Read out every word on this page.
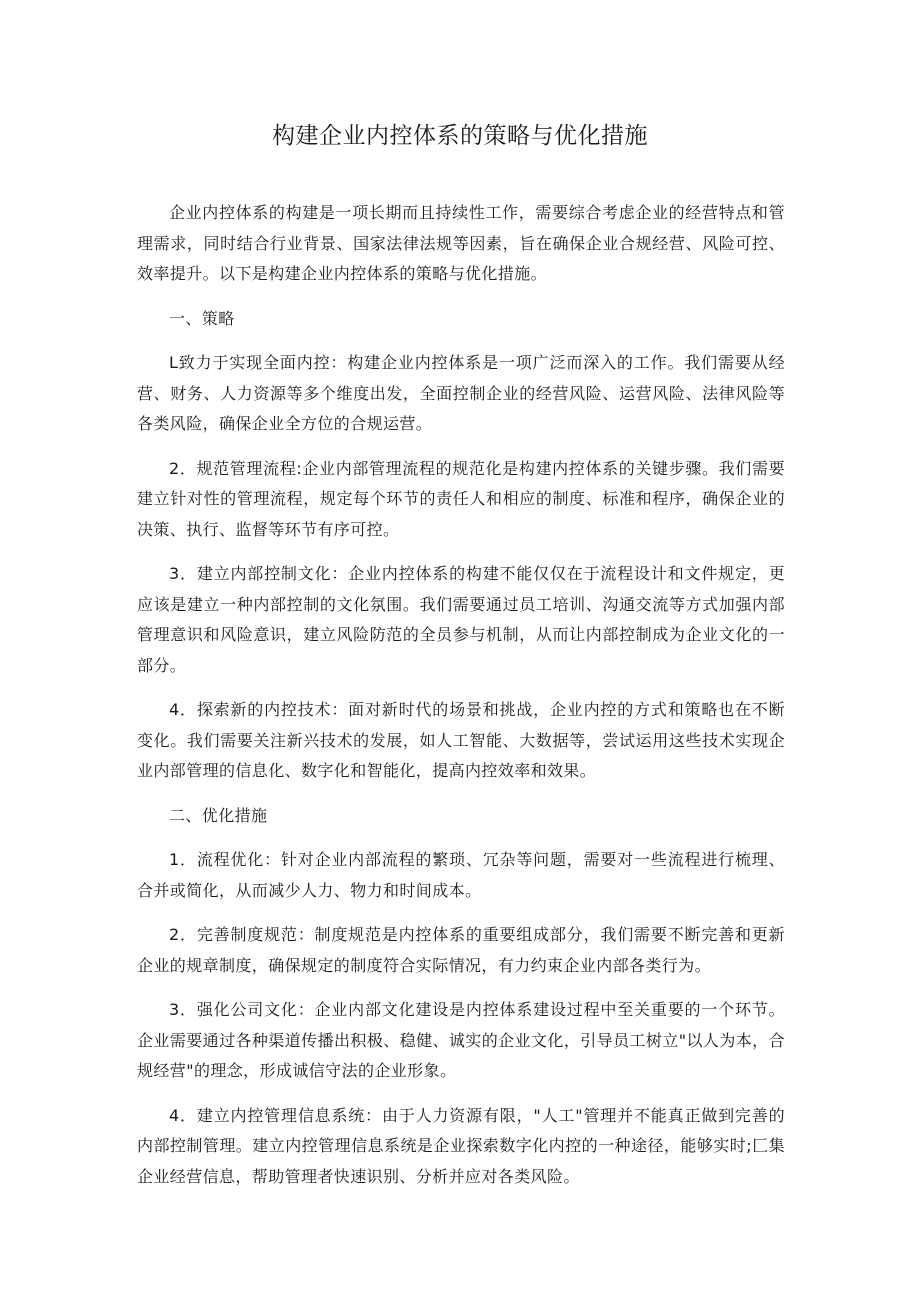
构建企业内控体系的策略与优化措施

企业内控体系的构建是一项长期而且持续性工作，需要综合考虑企业的经营特点和管理需求，同时结合行业背景、国家法律法规等因素，旨在确保企业合规经营、风险可控、效率提升。以下是构建企业内控体系的策略与优化措施。

一、策略

L致力于实现全面内控：构建企业内控体系是一项广泛而深入的工作。我们需要从经营、财务、人力资源等多个维度出发，全面控制企业的经营风险、运营风险、法律风险等各类风险，确保企业全方位的合规运营。

2．规范管理流程:企业内部管理流程的规范化是构建内控体系的关键步骤。我们需要建立针对性的管理流程，规定每个环节的责任人和相应的制度、标准和程序，确保企业的决策、执行、监督等环节有序可控。

3．建立内部控制文化：企业内控体系的构建不能仅仅在于流程设计和文件规定，更应该是建立一种内部控制的文化氛围。我们需要通过员工培训、沟通交流等方式加强内部管理意识和风险意识，建立风险防范的全员参与机制，从而让内部控制成为企业文化的一部分。

4．探索新的内控技术：面对新时代的场景和挑战，企业内控的方式和策略也在不断变化。我们需要关注新兴技术的发展，如人工智能、大数据等，尝试运用这些技术实现企业内部管理的信息化、数字化和智能化，提高内控效率和效果。

二、优化措施

1．流程优化：针对企业内部流程的繁琐、冗杂等问题，需要对一些流程进行梳理、合并或简化，从而减少人力、物力和时间成本。

2．完善制度规范：制度规范是内控体系的重要组成部分，我们需要不断完善和更新企业的规章制度，确保规定的制度符合实际情况，有力约束企业内部各类行为。

3．强化公司文化：企业内部文化建设是内控体系建设过程中至关重要的一个环节。企业需要通过各种渠道传播出积极、稳健、诚实的企业文化，引导员工树立"以人为本，合规经营"的理念，形成诚信守法的企业形象。

4．建立内控管理信息系统：由于人力资源有限，"人工"管理并不能真正做到完善的内部控制管理。建立内控管理信息系统是企业探索数字化内控的一种途径，能够实时;匚集企业经营信息，帮助管理者快速识别、分析并应对各类风险。
